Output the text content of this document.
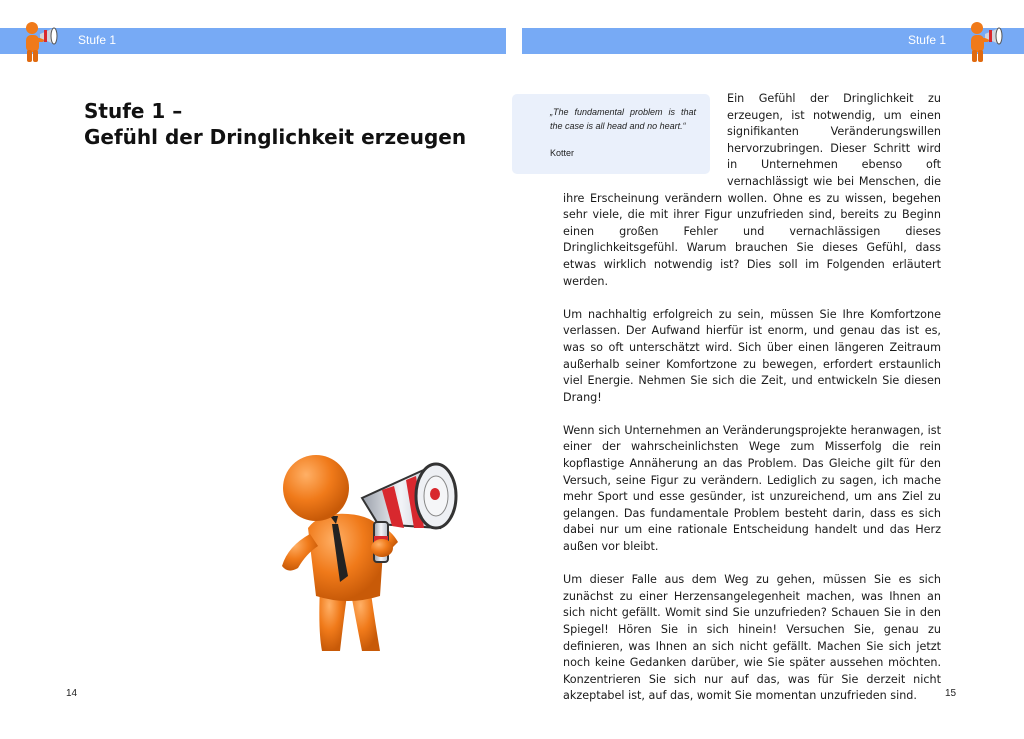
Stufe 1	Stufe 1
Stufe 1 –
Gefühl der Dringlichkeit erzeugen

„The fundamental problem is that the case is all head and no heart.“

Kotter

Ein Gefühl der Dringlichkeit zu erzeugen, ist notwendig, um einen signifikanten Veränderungswillen hervorzubringen. Dieser Schritt wird in Unternehmen ebenso oft vernachlässigt wie bei Menschen, die ihre Erscheinung verändern wollen. Ohne es zu wissen, begehen sehr viele, die mit ihrer Figur unzufrieden sind, bereits zu Beginn einen großen Fehler und vernachlässigen dieses Dringlichkeitsgefühl. Warum brauchen Sie dieses Gefühl, dass etwas wirklich notwendig ist? Dies soll im Folgenden erläutert werden.

Um nachhaltig erfolgreich zu sein, müssen Sie Ihre Komfortzone verlassen. Der Aufwand hierfür ist enorm, und genau das ist es, was so oft unterschätzt wird. Sich über einen längeren Zeitraum außerhalb seiner Komfortzone zu bewegen, erfordert erstaunlich viel Energie. Nehmen Sie sich die Zeit, und entwickeln Sie diesen Drang!

Wenn sich Unternehmen an Veränderungsprojekte heranwagen, ist einer der wahrscheinlichsten Wege zum Misserfolg die rein kopflastige Annäherung an das Problem. Das Gleiche gilt für den Versuch, seine Figur zu verändern. Lediglich zu sagen, ich mache mehr Sport und esse gesünder, ist unzureichend, um ans Ziel zu gelangen. Das fundamentale Problem besteht darin, dass es sich dabei nur um eine rationale Entscheidung handelt und das Herz außen vor bleibt.

Um dieser Falle aus dem Weg zu gehen, müssen Sie es sich zunächst zu einer Herzensangelegenheit machen, was Ihnen an sich nicht gefällt. Womit sind Sie unzufrieden? Schauen Sie in den Spiegel! Hören Sie in sich hinein! Versuchen Sie, genau zu definieren, was Ihnen an sich nicht gefällt. Machen Sie sich jetzt noch keine Gedanken darüber, wie Sie später aussehen möchten. Konzentrieren Sie sich nur auf das, was für Sie derzeit nicht akzeptabel ist, auf das, womit Sie momentan unzufrieden sind.

14	15
